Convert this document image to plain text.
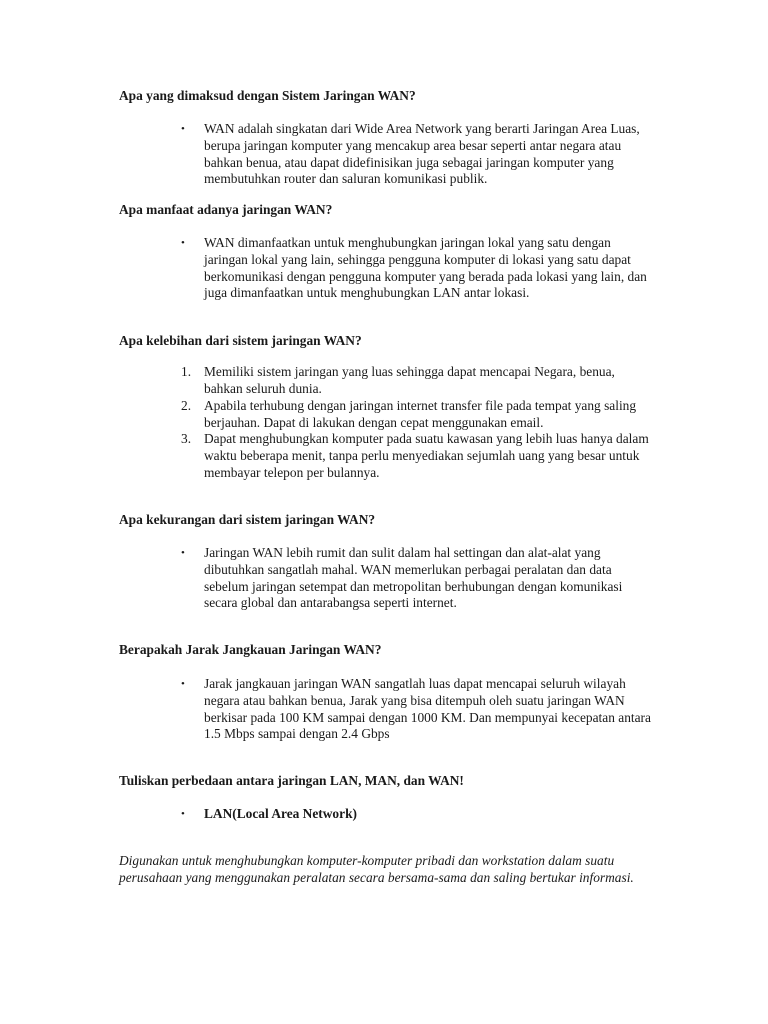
Apa yang dimaksud dengan Sistem Jaringan WAN?
• WAN adalah singkatan dari Wide Area Network yang berarti Jaringan Area Luas, berupa jaringan komputer yang mencakup area besar seperti antar negara atau bahkan benua, atau dapat didefinisikan juga sebagai jaringan komputer yang membutuhkan router dan saluran komunikasi publik.
Apa manfaat adanya jaringan WAN?
• WAN dimanfaatkan untuk menghubungkan jaringan lokal yang satu dengan jaringan lokal yang lain, sehingga pengguna komputer di lokasi yang satu dapat berkomunikasi dengan pengguna komputer yang berada pada lokasi yang lain, dan juga dimanfaatkan untuk menghubungkan LAN antar lokasi.
Apa kelebihan dari sistem jaringan WAN?
1. Memiliki sistem jaringan yang luas sehingga dapat mencapai Negara, benua, bahkan seluruh dunia.
2. Apabila terhubung dengan jaringan internet transfer file pada tempat yang saling berjauhan. Dapat di lakukan dengan cepat menggunakan email.
3. Dapat menghubungkan komputer pada suatu kawasan yang lebih luas hanya dalam waktu beberapa menit, tanpa perlu menyediakan sejumlah uang yang besar untuk membayar telepon per bulannya.
Apa kekurangan dari sistem jaringan WAN?
• Jaringan WAN lebih rumit dan sulit dalam hal settingan dan alat-alat yang dibutuhkan sangatlah mahal. WAN memerlukan perbagai peralatan dan data sebelum jaringan setempat dan metropolitan berhubungan dengan komunikasi secara global dan antarabangsa seperti internet.
Berapakah Jarak Jangkauan Jaringan WAN?
• Jarak jangkauan jaringan WAN sangatlah luas dapat mencapai seluruh wilayah negara atau bahkan benua, Jarak yang bisa ditempuh oleh suatu jaringan WAN berkisar pada 100 KM sampai dengan 1000 KM. Dan mempunyai kecepatan antara 1.5 Mbps sampai dengan 2.4 Gbps
Tuliskan perbedaan antara jaringan LAN, MAN, dan WAN!
• LAN(Local Area Network)
Digunakan untuk menghubungkan komputer-komputer pribadi dan workstation dalam suatu perusahaan yang menggunakan peralatan secara bersama-sama dan saling bertukar informasi.
